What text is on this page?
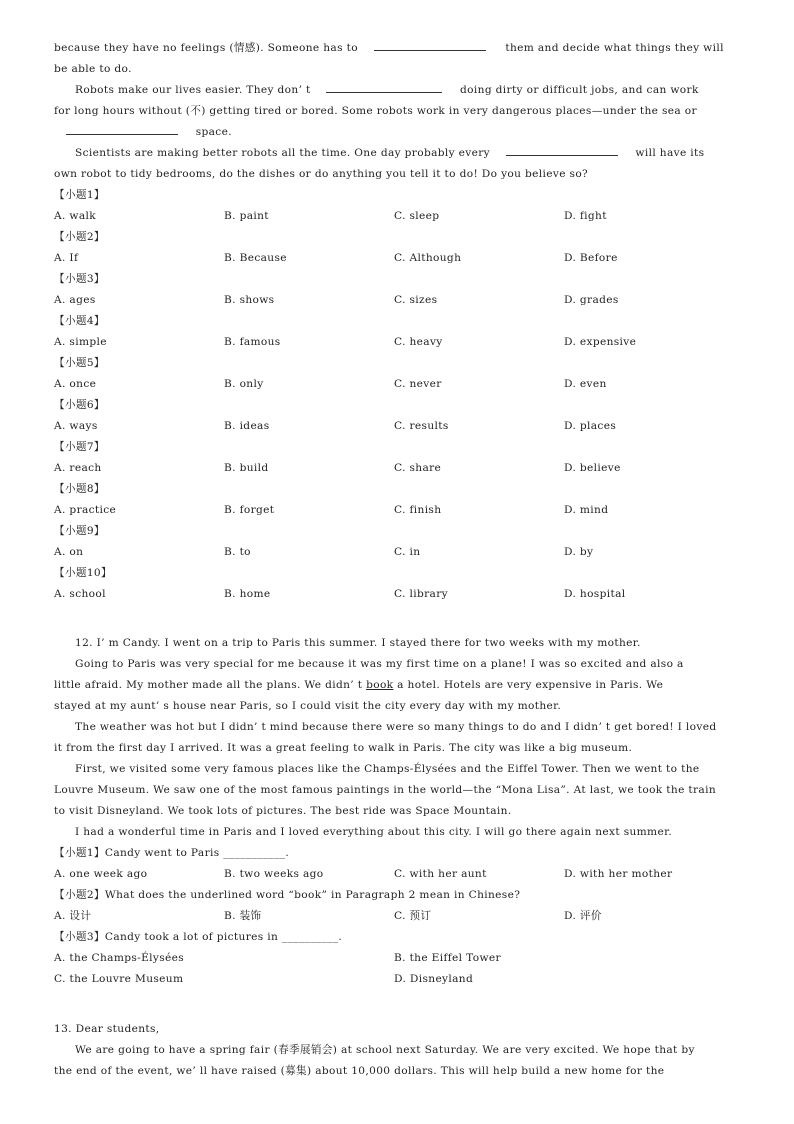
because they have no feelings (情感). Someone has to	them and decide what things they will
be able to do.
Robots make our lives easier. They don’ t	doing dirty or difficult jobs, and can work
for long hours without (不) getting tired or bored. Some robots work in very dangerous places—under the sea or
space.
Scientists are making better robots all the time. One day probably every	will have its
own robot to tidy bedrooms, do the dishes or do anything you tell it to do! Do you believe so?
【小题1】
A. walk	B. paint	C. sleep	D. fight
【小题2】
A. If	B. Because	C. Although	D. Before
【小题3】
A. ages	B. shows	C. sizes	D. grades
【小题4】
A. simple	B. famous	C. heavy	D. expensive
【小题5】
A. once	B. only	C. never	D. even
【小题6】
A. ways	B. ideas	C. results	D. places
【小题7】
A. reach	B. build	C. share	D. believe
【小题8】
A. practice	B. forget	C. finish	D. mind
【小题9】
A. on	B. to	C. in	D. by
【小题10】
A. school	B. home	C. library	D. hospital
12. I’ m Candy. I went on a trip to Paris this summer. I stayed there for two weeks with my mother.
Going to Paris was very special for me because it was my first time on a plane! I was so excited and also a
little afraid. My mother made all the plans. We didn’ t book a hotel. Hotels are very expensive in Paris. We
stayed at my aunt’ s house near Paris, so I could visit the city every day with my mother.
The weather was hot but I didn’ t mind because there were so many things to do and I didn’ t get bored! I loved
it from the first day I arrived. It was a great feeling to walk in Paris. The city was like a big museum.
First, we visited some very famous places like the Champs-Élysées and the Eiffel Tower. Then we went to the
Louvre Museum. We saw one of the most famous paintings in the world—the “Mona Lisa”. At last, we took the train
to visit Disneyland. We took lots of pictures. The best ride was Space Mountain.
I had a wonderful time in Paris and I loved everything about this city. I will go there again next summer.
【小题1】Candy went to Paris ___________.
A. one week ago	B. two weeks ago	C. with her aunt	D. with her mother
【小题2】What does the underlined word “book” in Paragraph 2 mean in Chinese?
A. 设计	B. 装饰	C. 预订	D. 评价
【小题3】Candy took a lot of pictures in __________.
A. the Champs-Élysées	B. the Eiffel Tower
C. the Louvre Museum	D. Disneyland
13. Dear students,
We are going to have a spring fair (春季展销会) at school next Saturday. We are very excited. We hope that by
the end of the event, we’ ll have raised (募集) about 10,000 dollars. This will help build a new home for the
